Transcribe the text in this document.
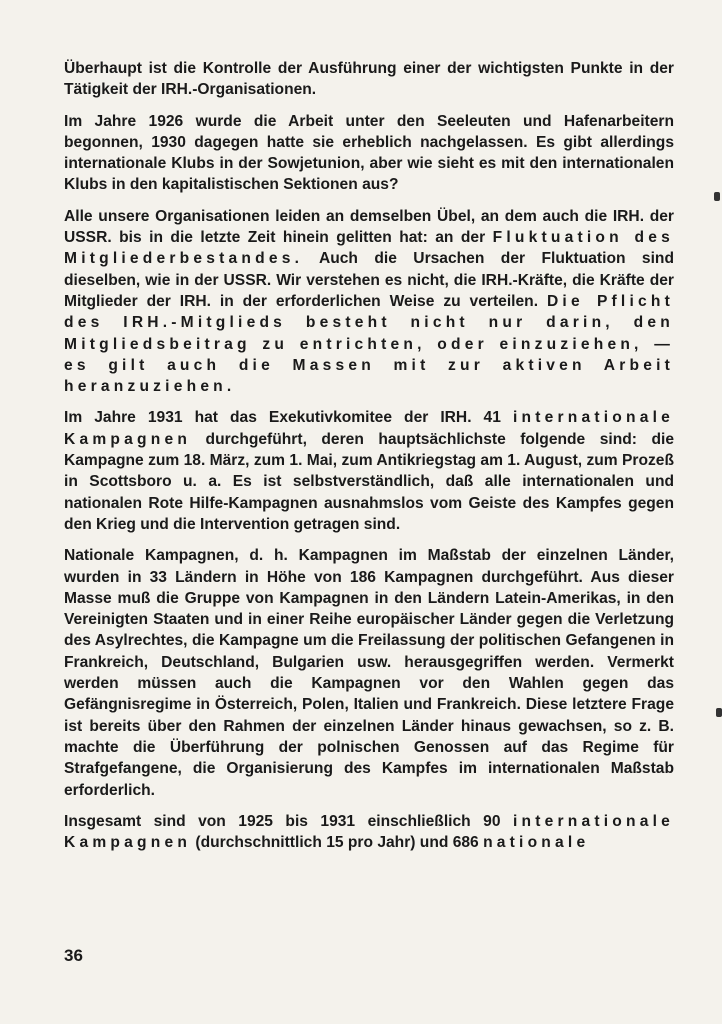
Überhaupt ist die Kontrolle der Ausführung einer der wichtigsten Punkte in der Tätigkeit der IRH.-Organisationen.

Im Jahre 1926 wurde die Arbeit unter den Seeleuten und Hafenarbeitern begonnen, 1930 dagegen hatte sie erheblich nachgelassen. Es gibt allerdings internationale Klubs in der Sowjetunion, aber wie sieht es mit den internationalen Klubs in den kapitalistischen Sektionen aus?

Alle unsere Organisationen leiden an demselben Übel, an dem auch die IRH. der USSR. bis in die letzte Zeit hinein gelitten hat: an der Fluktuation des Mitgliederbestandes. Auch die Ursachen der Fluktuation sind dieselben, wie in der USSR. Wir verstehen es nicht, die IRH.-Kräfte, die Kräfte der Mitglieder der IRH. in der erforderlichen Weise zu verteilen. Die Pflicht des IRH.-Mitglieds besteht nicht nur darin, den Mitgliedsbeitrag zu entrichten, oder einzuziehen, — es gilt auch die Massen mit zur aktiven Arbeit heranzuziehen.

Im Jahre 1931 hat das Exekutivkomitee der IRH. 41 internationale Kampagnen durchgeführt, deren hauptsächlichste folgende sind: die Kampagne zum 18. März, zum 1. Mai, zum Antikriegstag am 1. August, zum Prozeß in Scottsboro u. a. Es ist selbstverständlich, daß alle internationalen und nationalen Rote Hilfe-Kampagnen ausnahmslos vom Geiste des Kampfes gegen den Krieg und die Intervention getragen sind.

Nationale Kampagnen, d. h. Kampagnen im Maßstab der einzelnen Länder, wurden in 33 Ländern in Höhe von 186 Kampagnen durchgeführt. Aus dieser Masse muß die Gruppe von Kampagnen in den Ländern Latein-Amerikas, in den Vereinigten Staaten und in einer Reihe europäischer Länder gegen die Verletzung des Asylrechtes, die Kampagne um die Freilassung der politischen Gefangenen in Frankreich, Deutschland, Bulgarien usw. herausgegriffen werden. Vermerkt werden müssen auch die Kampagnen vor den Wahlen gegen das Gefängnisregime in Österreich, Polen, Italien und Frankreich. Diese letztere Frage ist bereits über den Rahmen der einzelnen Länder hinaus gewachsen, so z. B. machte die Überführung der polnischen Genossen auf das Regime für Strafgefangene, die Organisierung des Kampfes im internationalen Maßstab erforderlich.

Insgesamt sind von 1925 bis 1931 einschließlich 90 internationale Kampagnen (durchschnittlich 15 pro Jahr) und 686 nationale

36
